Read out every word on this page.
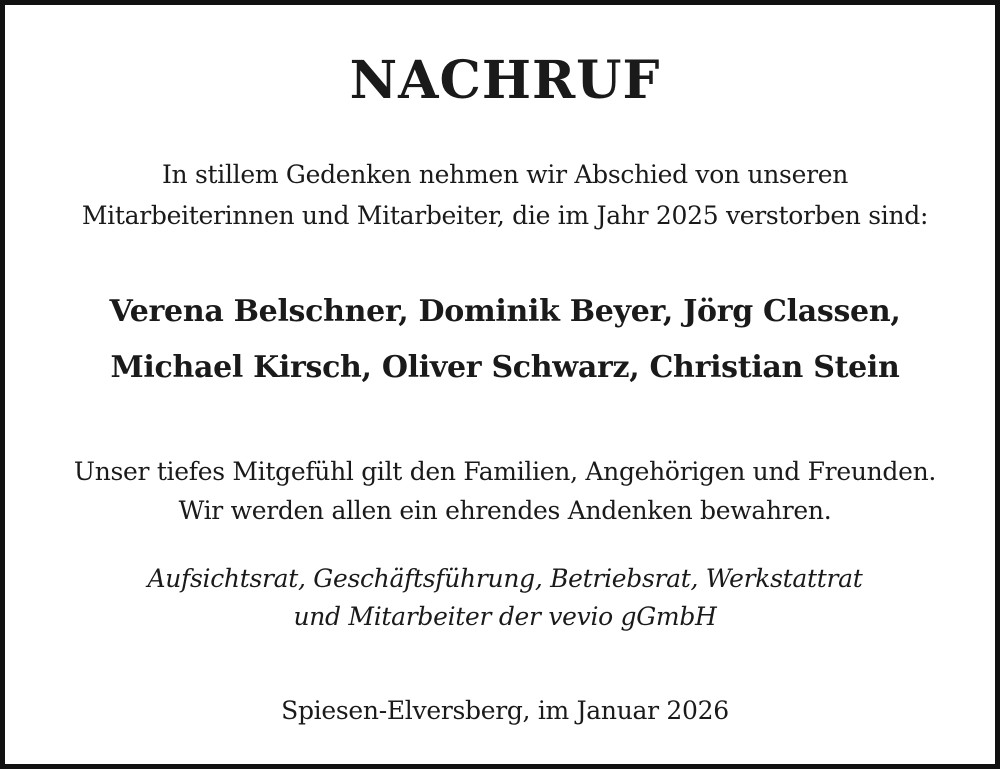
NACHRUF

In stillem Gedenken nehmen wir Abschied von unseren

Mitarbeiterinnen und Mitarbeiter, die im Jahr 2025 verstorben sind:

Verena Belschner, Dominik Beyer, Jörg Classen,

Michael Kirsch, Oliver Schwarz, Christian Stein

Unser tiefes Mitgefühl gilt den Familien, Angehörigen und Freunden.

Wir werden allen ein ehrendes Andenken bewahren.

Aufsichtsrat, Geschäftsführung, Betriebsrat, Werkstattrat

und Mitarbeiter der vevio gGmbH

Spiesen-Elversberg, im Januar 2026
